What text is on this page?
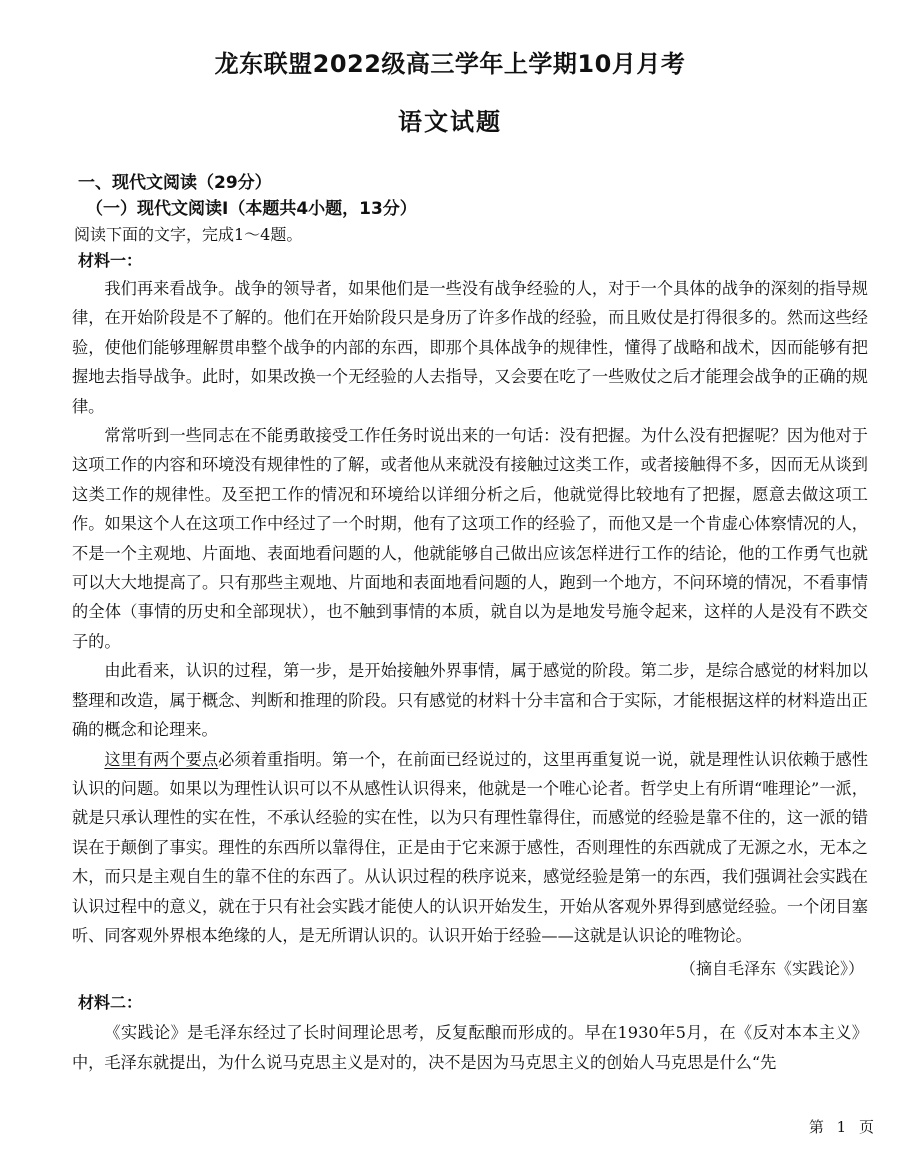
龙东联盟2022级高三学年上学期10月月考
语文试题

一、现代文阅读（29分）

（一）现代文阅读Ⅰ（本题共4小题，13分）

阅读下面的文字，完成1～4题。

材料一：

我们再来看战争。战争的领导者，如果他们是一些没有战争经验的人，对于一个具体的战争的深刻的指导规律，在开始阶段是不了解的。他们在开始阶段只是身历了许多作战的经验，而且败仗是打得很多的。然而这些经验，使他们能够理解贯串整个战争的内部的东西，即那个具体战争的规律性，懂得了战略和战术，因而能够有把握地去指导战争。此时，如果改换一个无经验的人去指导，又会要在吃了一些败仗之后才能理会战争的正确的规律。

常常听到一些同志在不能勇敢接受工作任务时说出来的一句话：没有把握。为什么没有把握呢？因为他对于这项工作的内容和环境没有规律性的了解，或者他从来就没有接触过这类工作，或者接触得不多，因而无从谈到这类工作的规律性。及至把工作的情况和环境给以详细分析之后，他就觉得比较地有了把握，愿意去做这项工作。如果这个人在这项工作中经过了一个时期，他有了这项工作的经验了，而他又是一个肯虚心体察情况的人，不是一个主观地、片面地、表面地看问题的人，他就能够自己做出应该怎样进行工作的结论，他的工作勇气也就可以大大地提高了。只有那些主观地、片面地和表面地看问题的人，跑到一个地方，不问环境的情况，不看事情的全体（事情的历史和全部现状），也不触到事情的本质，就自以为是地发号施令起来，这样的人是没有不跌交子的。

由此看来，认识的过程，第一步，是开始接触外界事情，属于感觉的阶段。第二步，是综合感觉的材料加以整理和改造，属于概念、判断和推理的阶段。只有感觉的材料十分丰富和合于实际，才能根据这样的材料造出正确的概念和论理来。

这里有两个要点必须着重指明。第一个，在前面已经说过的，这里再重复说一说，就是理性认识依赖于感性认识的问题。如果以为理性认识可以不从感性认识得来，他就是一个唯心论者。哲学史上有所谓“唯理论”一派，就是只承认理性的实在性，不承认经验的实在性，以为只有理性靠得住，而感觉的经验是靠不住的，这一派的错误在于颠倒了事实。理性的东西所以靠得住，正是由于它来源于感性，否则理性的东西就成了无源之水，无本之木，而只是主观自生的靠不住的东西了。从认识过程的秩序说来，感觉经验是第一的东西，我们强调社会实践在认识过程中的意义，就在于只有社会实践才能使人的认识开始发生，开始从客观外界得到感觉经验。一个闭目塞听、同客观外界根本绝缘的人，是无所谓认识的。认识开始于经验——这就是认识论的唯物论。

（摘自毛泽东《实践论》）

材料二：

《实践论》是毛泽东经过了长时间理论思考，反复酝酿而形成的。早在1930年5月，在《反对本本主义》中，毛泽东就提出，为什么说马克思主义是对的，决不是因为马克思主义的创始人马克思是什么“先

第 1 页
